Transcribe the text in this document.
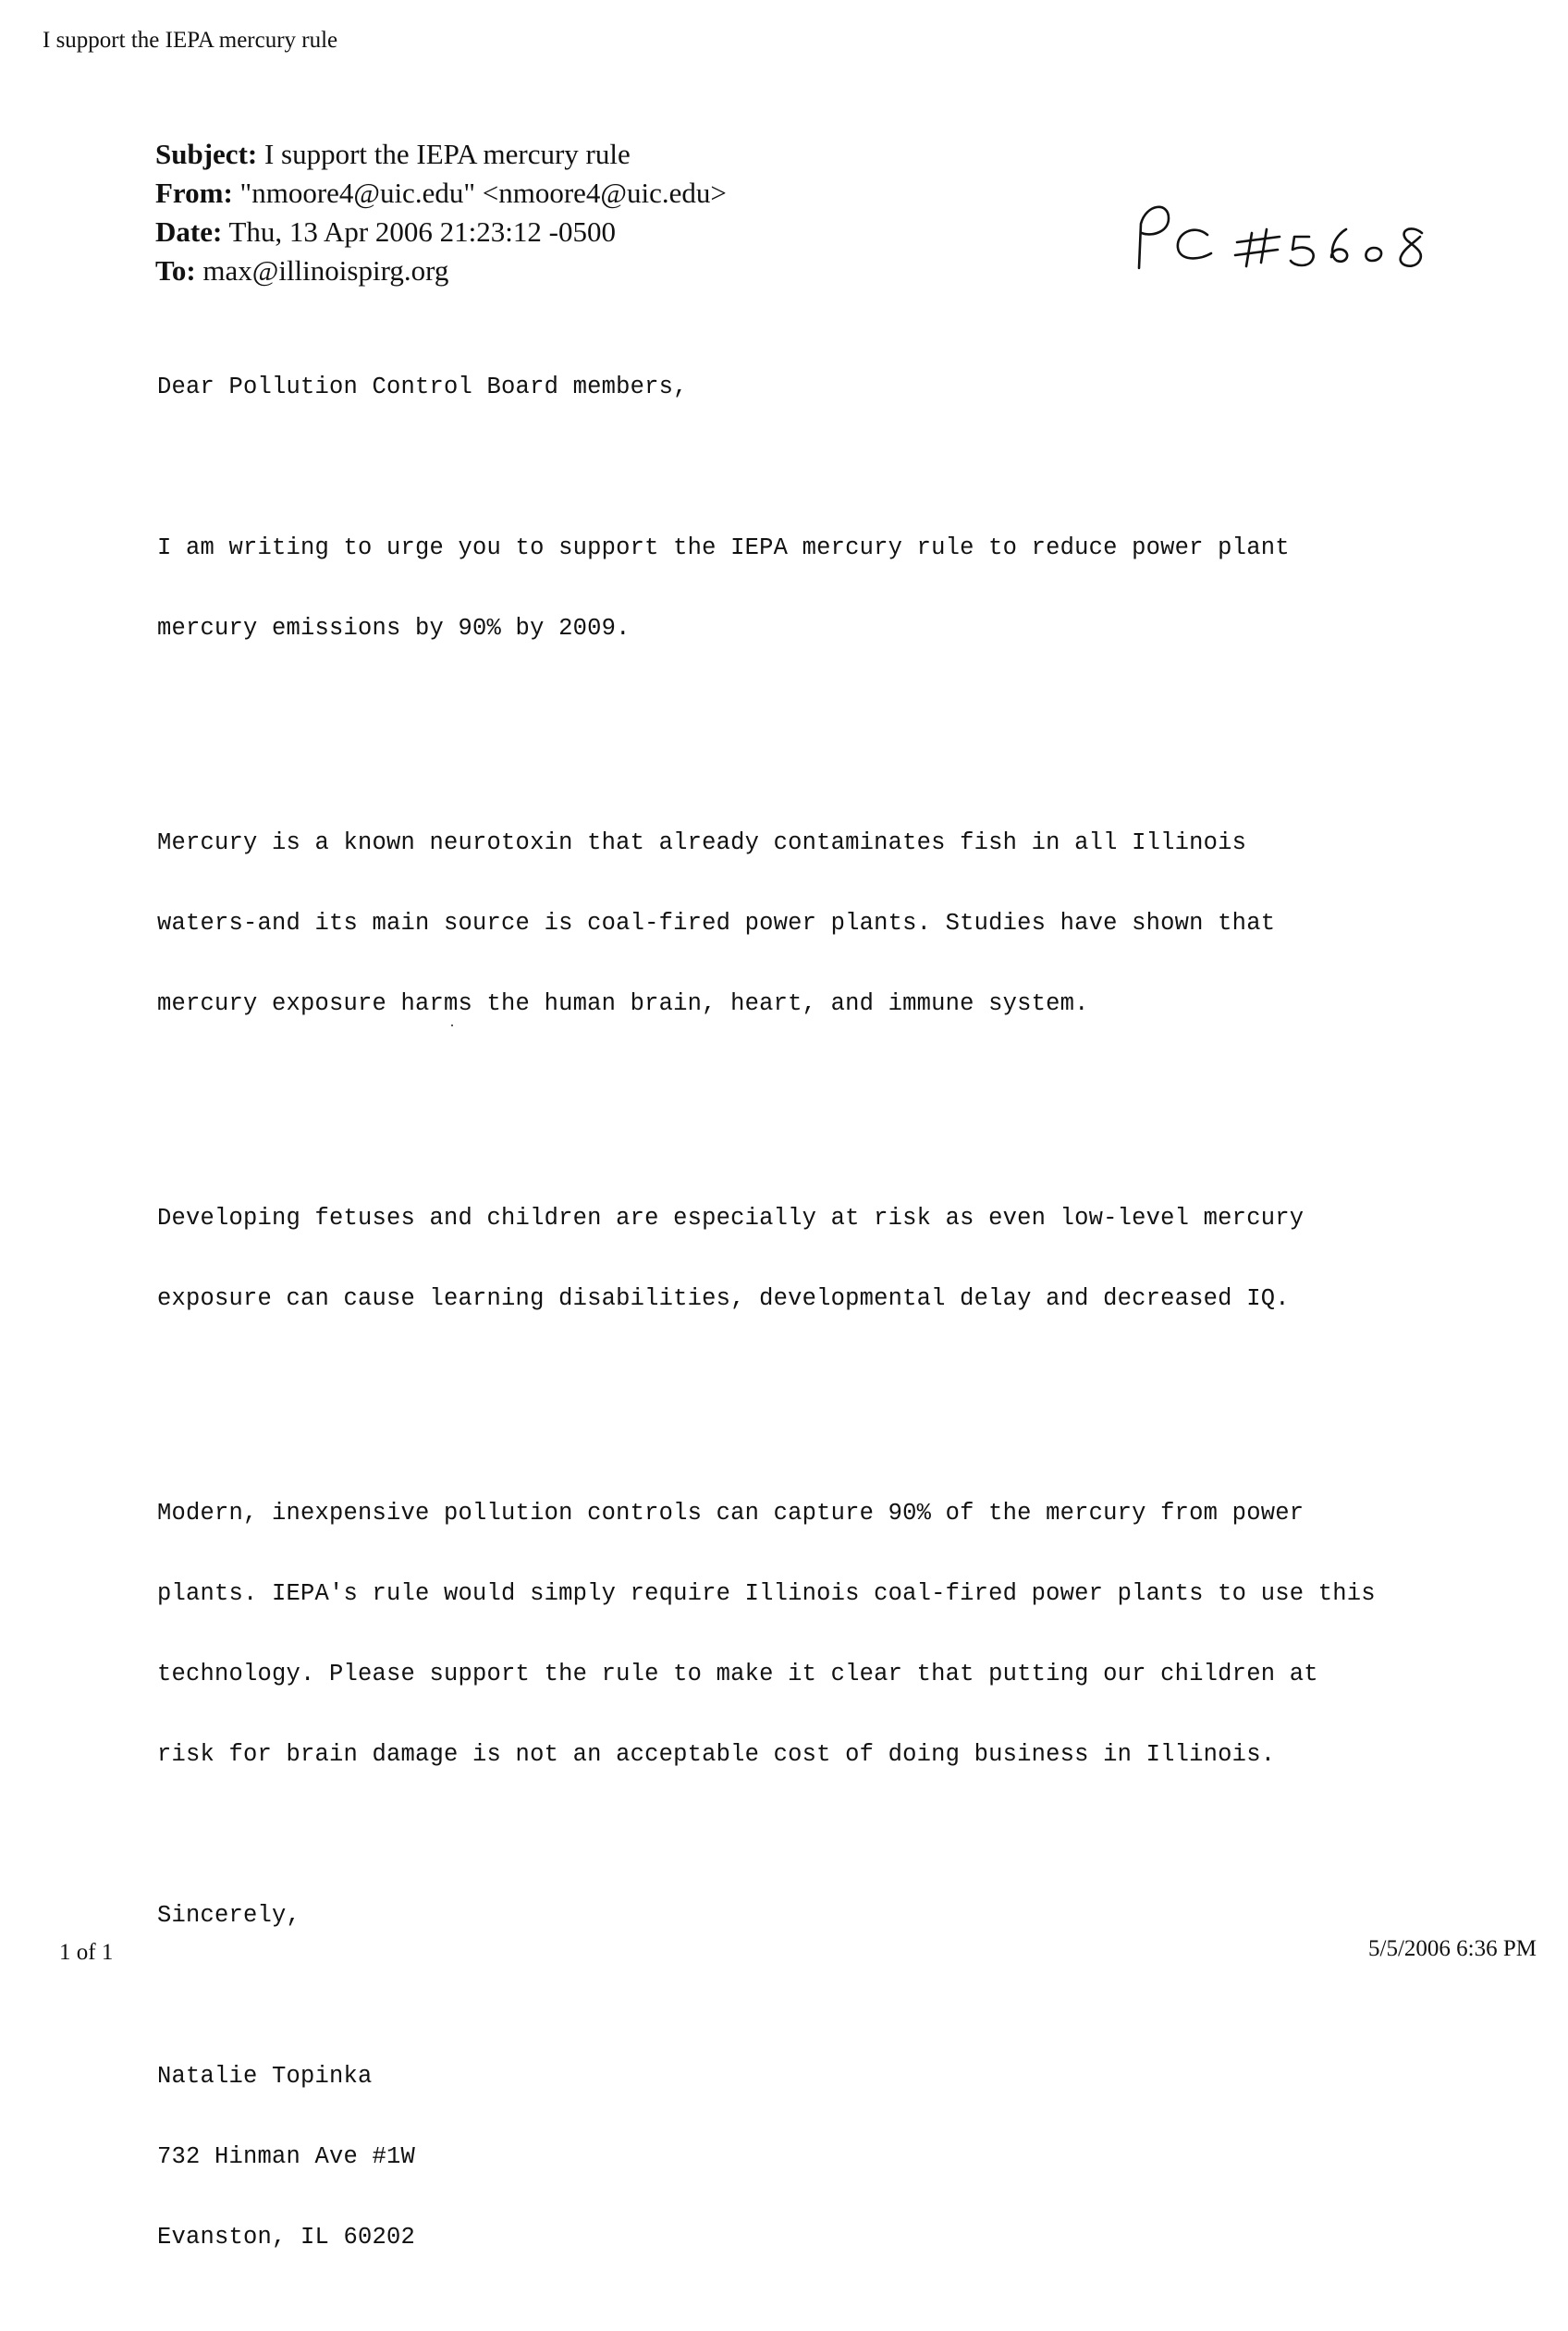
I support the IEPA mercury rule
Subject: I support the IEPA mercury rule
From: "nmoore4@uic.edu" <nmoore4@uic.edu>
Date: Thu, 13 Apr 2006 21:23:12 -0500
To: max@illinoispirg.org

Dear Pollution Control Board members,

I am writing to urge you to support the IEPA mercury rule to reduce power plant

mercury emissions by 90% by 2009.

Mercury is a known neurotoxin that already contaminates fish in all Illinois

waters-and its main source is coal-fired power plants. Studies have shown that

mercury exposure harms the human brain, heart, and immune system.

Developing fetuses and children are especially at risk as even low-level mercury

exposure can cause learning disabilities, developmental delay and decreased IQ.

Modern, inexpensive pollution controls can capture 90% of the mercury from power

plants. IEPA's rule would simply require Illinois coal-fired power plants to use this

technology. Please support the rule to make it clear that putting our children at

risk for brain damage is not an acceptable cost of doing business in Illinois.

Sincerely,

Natalie Topinka

732 Hinman Ave #1W

Evanston, IL 60202

1 of 1	5/5/2006 6:36 PM
